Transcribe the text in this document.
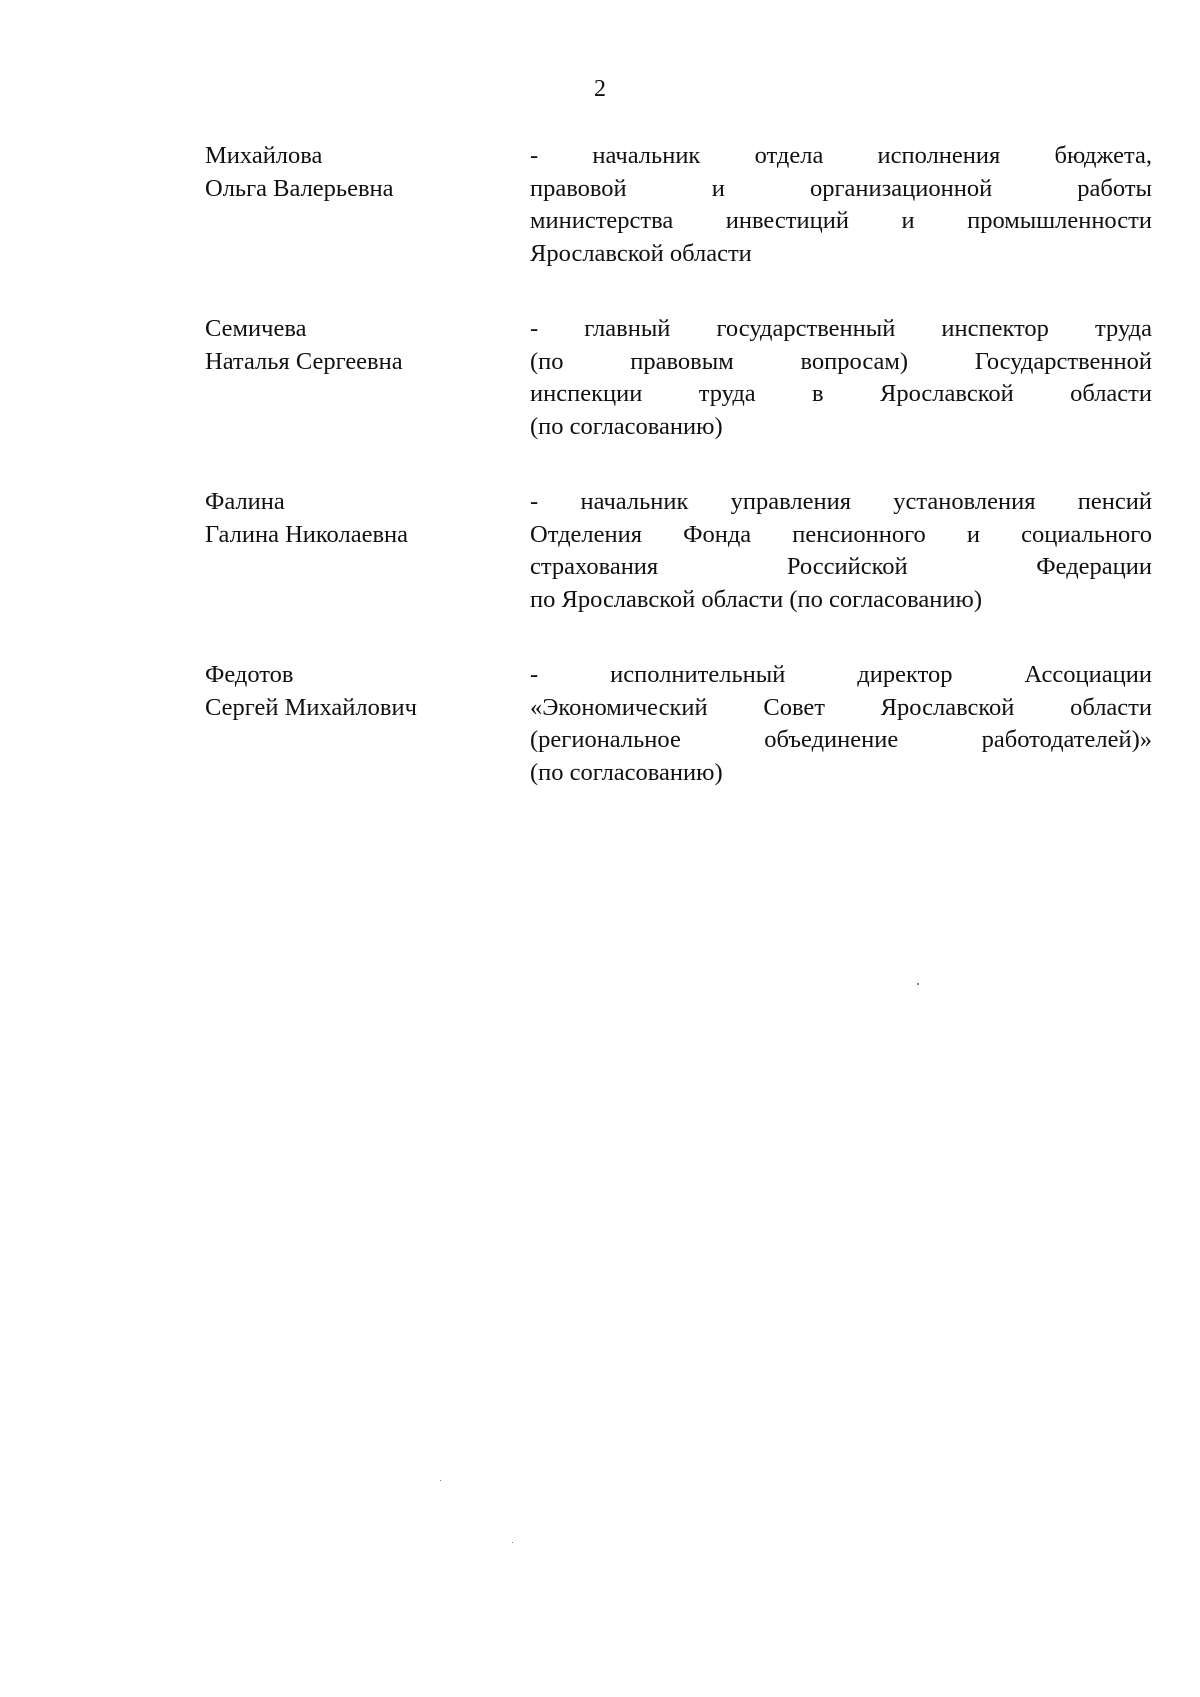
2
Михайлова
Ольга Валерьевна
- начальник отдела исполнения бюджета,
правовой и организационной работы
министерства инвестиций и промышленности
Ярославской области
Семичева
Наталья Сергеевна
- главный государственный инспектор труда
(по правовым вопросам) Государственной
инспекции труда в Ярославской области
(по согласованию)
Фалина
Галина Николаевна
- начальник управления установления пенсий
Отделения Фонда пенсионного и социального
страхования Российской Федерации
по Ярославской области (по согласованию)
Федотов
Сергей Михайлович
- исполнительный директор Ассоциации
«Экономический Совет Ярославской области
(региональное объединение работодателей)»
(по согласованию)
